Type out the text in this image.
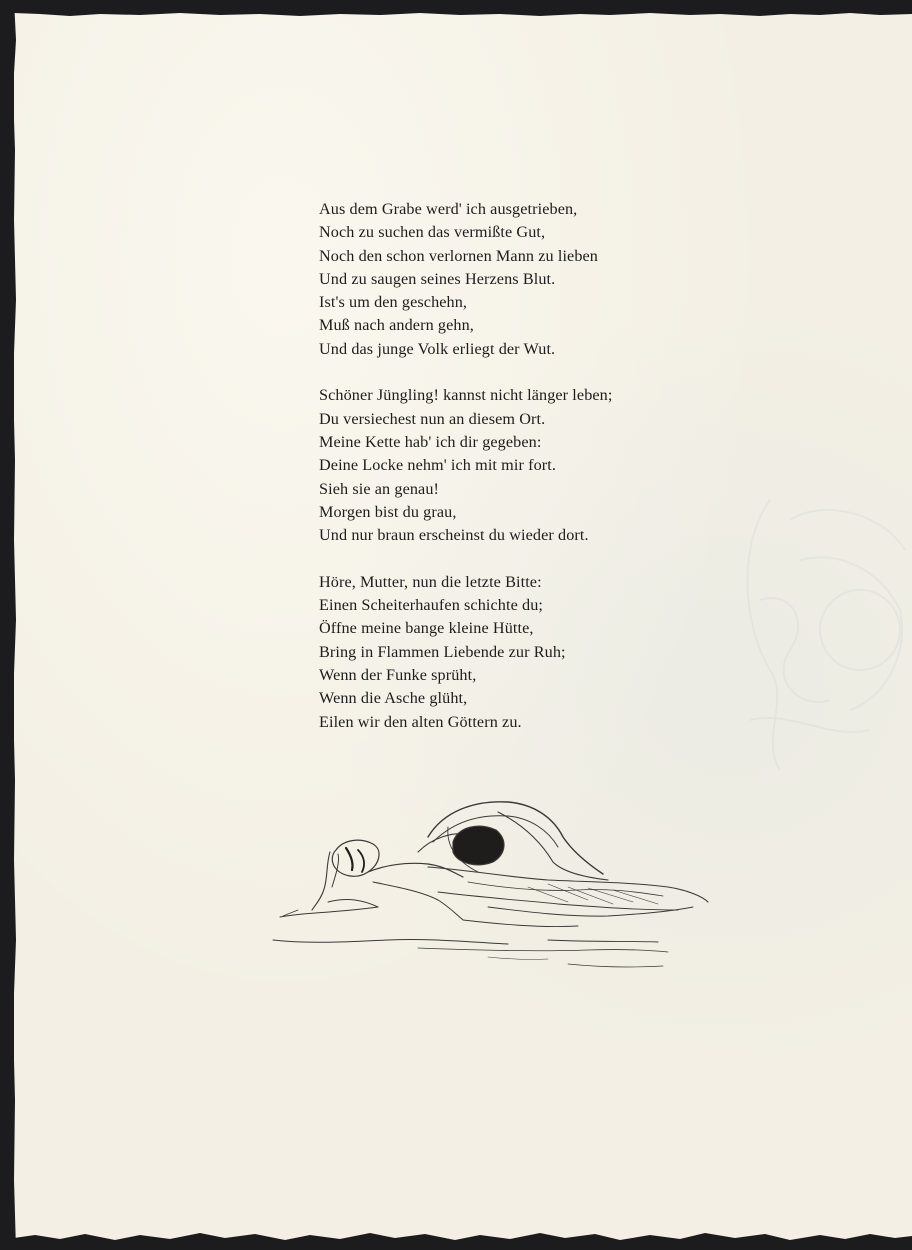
Aus dem Grabe werd' ich ausgetrieben,
Noch zu suchen das vermißte Gut,
Noch den schon verlornen Mann zu lieben
Und zu saugen seines Herzens Blut.
Ist's um den geschehn,
Muß nach andern gehn,
Und das junge Volk erliegt der Wut.
Schöner Jüngling! kannst nicht länger leben;
Du versiechest nun an diesem Ort.
Meine Kette hab' ich dir gegeben:
Deine Locke nehm' ich mit mir fort.
Sieh sie an genau!
Morgen bist du grau,
Und nur braun erscheinst du wieder dort.
Höre, Mutter, nun die letzte Bitte:
Einen Scheiterhaufen schichte du;
Öffne meine bange kleine Hütte,
Bring in Flammen Liebende zur Ruh;
Wenn der Funke sprüht,
Wenn die Asche glüht,
Eilen wir den alten Göttern zu.
